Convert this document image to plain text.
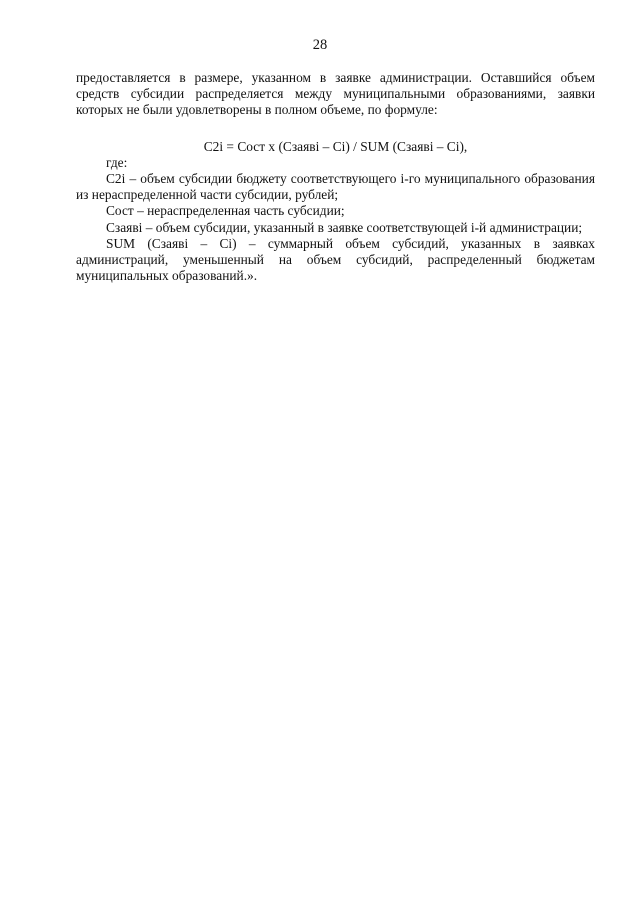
28

предоставляется в размере, указанном в заявке администрации. Оставшийся объем средств субсидии распределяется между муниципальными образованиями, заявки которых не были удовлетворены в полном объеме, по формуле:

C2i = Сост x (Сзаяві – Ci) / SUM (Сзаяві – Ci),

где:

C2i – объем субсидии бюджету соответствующего i-го муниципального образования из нераспределенной части субсидии, рублей;

Сост – нераспределенная часть субсидии;

Сзаяві – объем субсидии, указанный в заявке соответствующей i-й администрации;

SUM (Сзаяві – Ci) – суммарный объем субсидий, указанных в заявках администраций, уменьшенный на объем субсидий, распределенный бюджетам муниципальных образований.».
